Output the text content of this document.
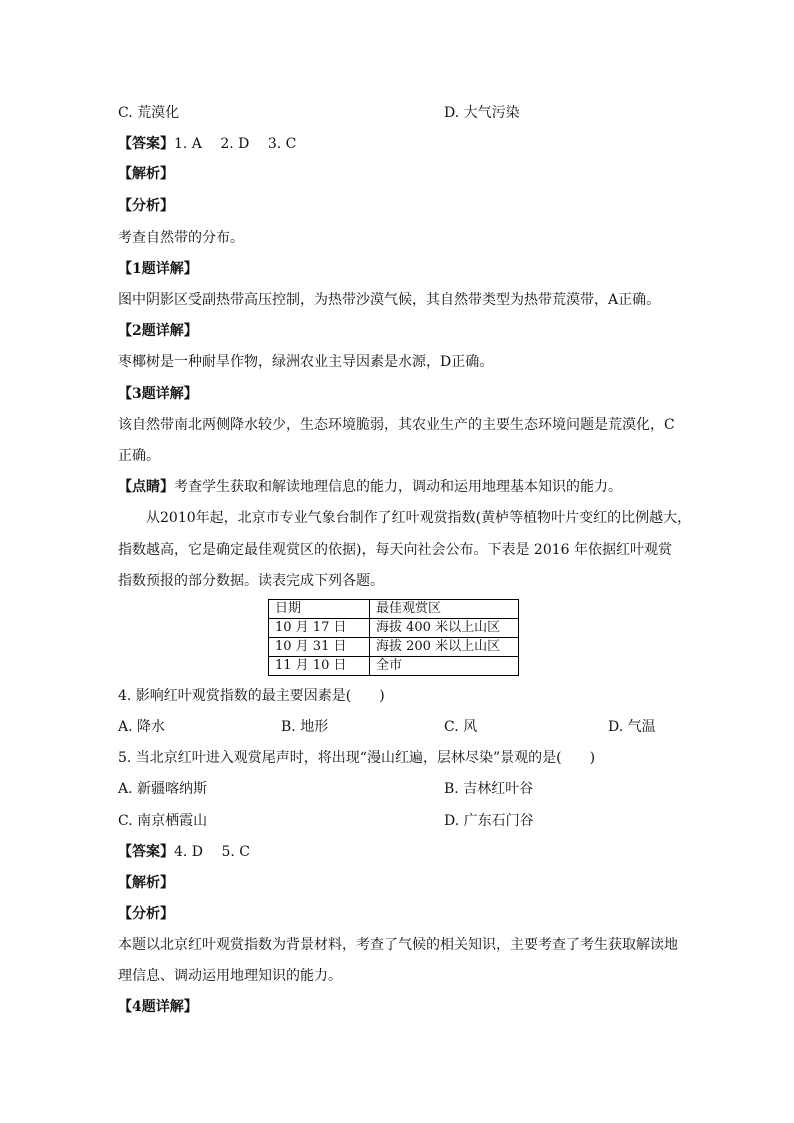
C. 荒漠化	D. 大气污染
【答案】1. A　 2. D　 3. C
【解析】
【分析】
考查自然带的分布。
【1题详解】
图中阴影区受副热带高压控制，为热带沙漠气候，其自然带类型为热带荒漠带，A正确。
【2题详解】
枣椰树是一种耐旱作物，绿洲农业主导因素是水源，D正确。
【3题详解】
该自然带南北两侧降水较少，生态环境脆弱，其农业生产的主要生态环境问题是荒漠化，C
正确。
【点睛】考查学生获取和解读地理信息的能力，调动和运用地理基本知识的能力。
从2010年起，北京市专业气象台制作了红叶观赏指数(黄栌等植物叶片变红的比例越大，
指数越高，它是确定最佳观赏区的依据)，每天向社会公布。下表是 2016 年依据红叶观赏
指数预报的部分数据。读表完成下列各题。
日期	最佳观赏区
10 月 17 日	海拔 400 米以上山区
10 月 31 日	海拔 200 米以上山区
11 月 10 日	全市
4. 影响红叶观赏指数的最主要因素是(　　)
A. 降水	B. 地形	C. 风	D. 气温
5. 当北京红叶进入观赏尾声时，将出现“漫山红遍，层林尽染”景观的是(　　)
A. 新疆喀纳斯	B. 吉林红叶谷
C. 南京栖霞山	D. 广东石门谷
【答案】4. D　 5. C
【解析】
【分析】
本题以北京红叶观赏指数为背景材料，考查了气候的相关知识，主要考查了考生获取解读地
理信息、调动运用地理知识的能力。
【4题详解】
